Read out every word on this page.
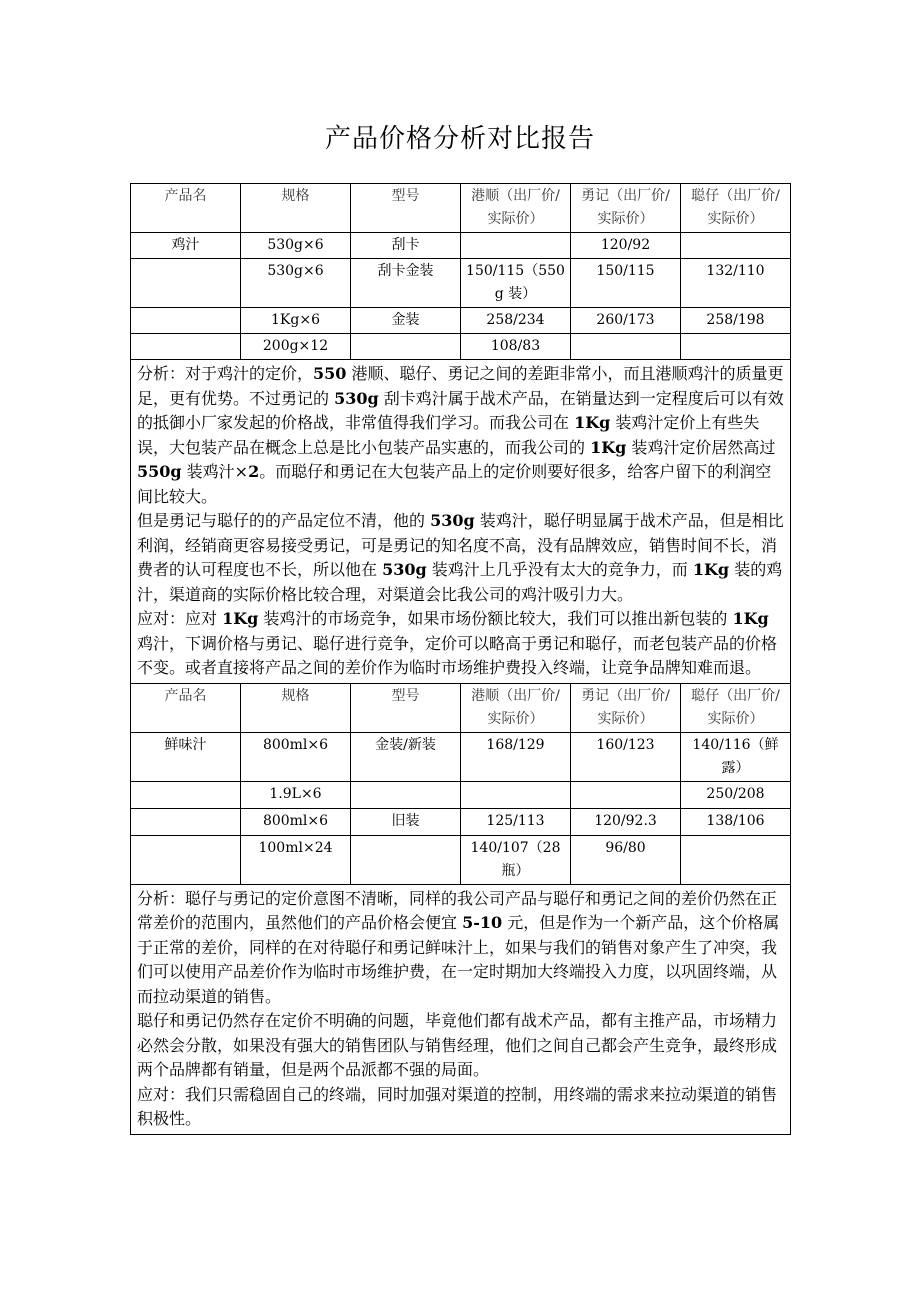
产品价格分析对比报告
产品名	规格	型号	港顺（出厂价/实际价）	勇记（出厂价/实际价）	聪仔（出厂价/实际价）
鸡汁	530g×6	刮卡		120/92	
	530g×6	刮卡金装	150/115（550g 装）	150/115	132/110
	1Kg×6	金装	258/234	260/173	258/198
	200g×12		108/83		
分析：对于鸡汁的定价，550 港顺、聪仔、勇记之间的差距非常小，而且港顺鸡汁的质量更足，更有优势。不过勇记的 530g 刮卡鸡汁属于战术产品，在销量达到一定程度后可以有效的抵御小厂家发起的价格战，非常值得我们学习。而我公司在 1Kg 装鸡汁定价上有些失误，大包装产品在概念上总是比小包装产品实惠的，而我公司的 1Kg 装鸡汁定价居然高过 550g 装鸡汁×2。而聪仔和勇记在大包装产品上的定价则要好很多，给客户留下的利润空间比较大。
但是勇记与聪仔的的产品定位不清，他的 530g 装鸡汁，聪仔明显属于战术产品，但是相比利润，经销商更容易接受勇记，可是勇记的知名度不高，没有品牌效应，销售时间不长，消费者的认可程度也不长，所以他在 530g 装鸡汁上几乎没有太大的竞争力，而 1Kg 装的鸡汁，渠道商的实际价格比较合理，对渠道会比我公司的鸡汁吸引力大。
应对：应对 1Kg 装鸡汁的市场竞争，如果市场份额比较大，我们可以推出新包装的 1Kg 鸡汁，下调价格与勇记、聪仔进行竞争，定价可以略高于勇记和聪仔，而老包装产品的价格不变。或者直接将产品之间的差价作为临时市场维护费投入终端，让竞争品牌知难而退。					
产品名	规格	型号	港顺（出厂价/实际价）	勇记（出厂价/实际价）	聪仔（出厂价/实际价）
鲜味汁	800ml×6	金装/新装	168/129	160/123	140/116（鲜露）
	1.9L×6				250/208
	800ml×6	旧装	125/113	120/92.3	138/106
	100ml×24		140/107（28 瓶）	96/80	
分析：聪仔与勇记的定价意图不清晰，同样的我公司产品与聪仔和勇记之间的差价仍然在正常差价的范围内，虽然他们的产品价格会便宜 5-10 元，但是作为一个新产品，这个价格属于正常的差价，同样的在对待聪仔和勇记鲜味汁上，如果与我们的销售对象产生了冲突，我们可以使用产品差价作为临时市场维护费，在一定时期加大终端投入力度，以巩固终端，从而拉动渠道的销售。
聪仔和勇记仍然存在定价不明确的问题，毕竟他们都有战术产品，都有主推产品，市场精力必然会分散，如果没有强大的销售团队与销售经理，他们之间自己都会产生竞争，最终形成两个品牌都有销量，但是两个品派都不强的局面。
应对：我们只需稳固自己的终端，同时加强对渠道的控制，用终端的需求来拉动渠道的销售积极性。					
